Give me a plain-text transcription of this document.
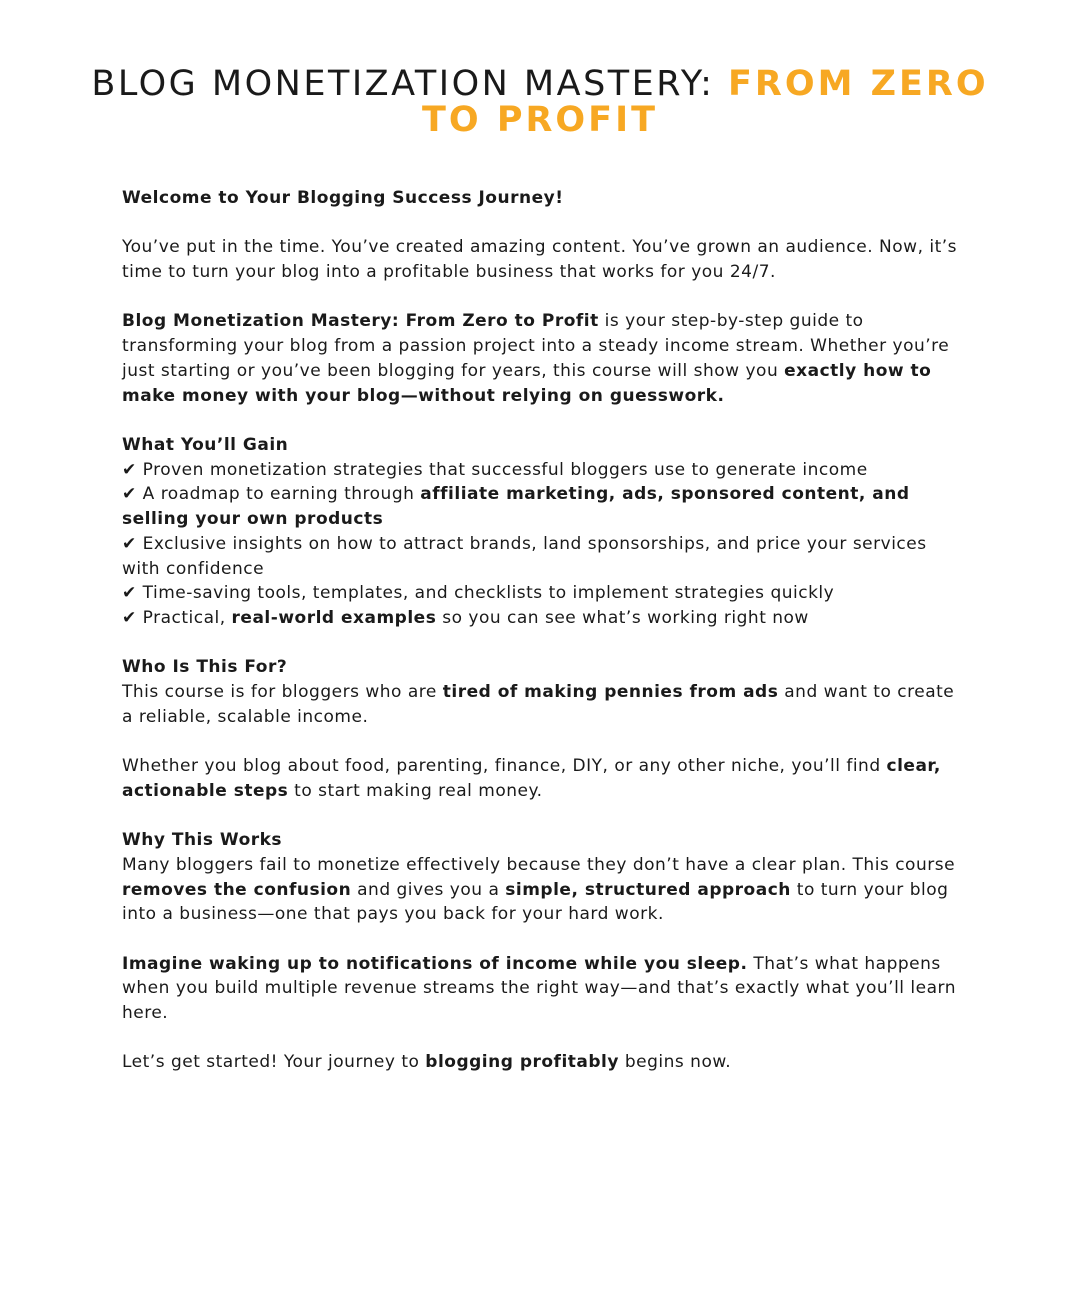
BLOG MONETIZATION MASTERY: FROM ZERO TO PROFIT

Welcome to Your Blogging Success Journey!

You’ve put in the time. You’ve created amazing content. You’ve grown an audience. Now, it’s time to turn your blog into a profitable business that works for you 24/7.

Blog Monetization Mastery: From Zero to Profit is your step-by-step guide to transforming your blog from a passion project into a steady income stream. Whether you’re just starting or you’ve been blogging for years, this course will show you exactly how to make money with your blog—without relying on guesswork.

What You’ll Gain
✔ Proven monetization strategies that successful bloggers use to generate income
✔ A roadmap to earning through affiliate marketing, ads, sponsored content, and selling your own products
✔ Exclusive insights on how to attract brands, land sponsorships, and price your services with confidence
✔ Time-saving tools, templates, and checklists to implement strategies quickly
✔ Practical, real-world examples so you can see what’s working right now

Who Is This For?
This course is for bloggers who are tired of making pennies from ads and want to create a reliable, scalable income.

Whether you blog about food, parenting, finance, DIY, or any other niche, you’ll find clear, actionable steps to start making real money.

Why This Works
Many bloggers fail to monetize effectively because they don’t have a clear plan. This course removes the confusion and gives you a simple, structured approach to turn your blog into a business—one that pays you back for your hard work.

Imagine waking up to notifications of income while you sleep. That’s what happens when you build multiple revenue streams the right way—and that’s exactly what you’ll learn here.

Let’s get started! Your journey to blogging profitably begins now.
